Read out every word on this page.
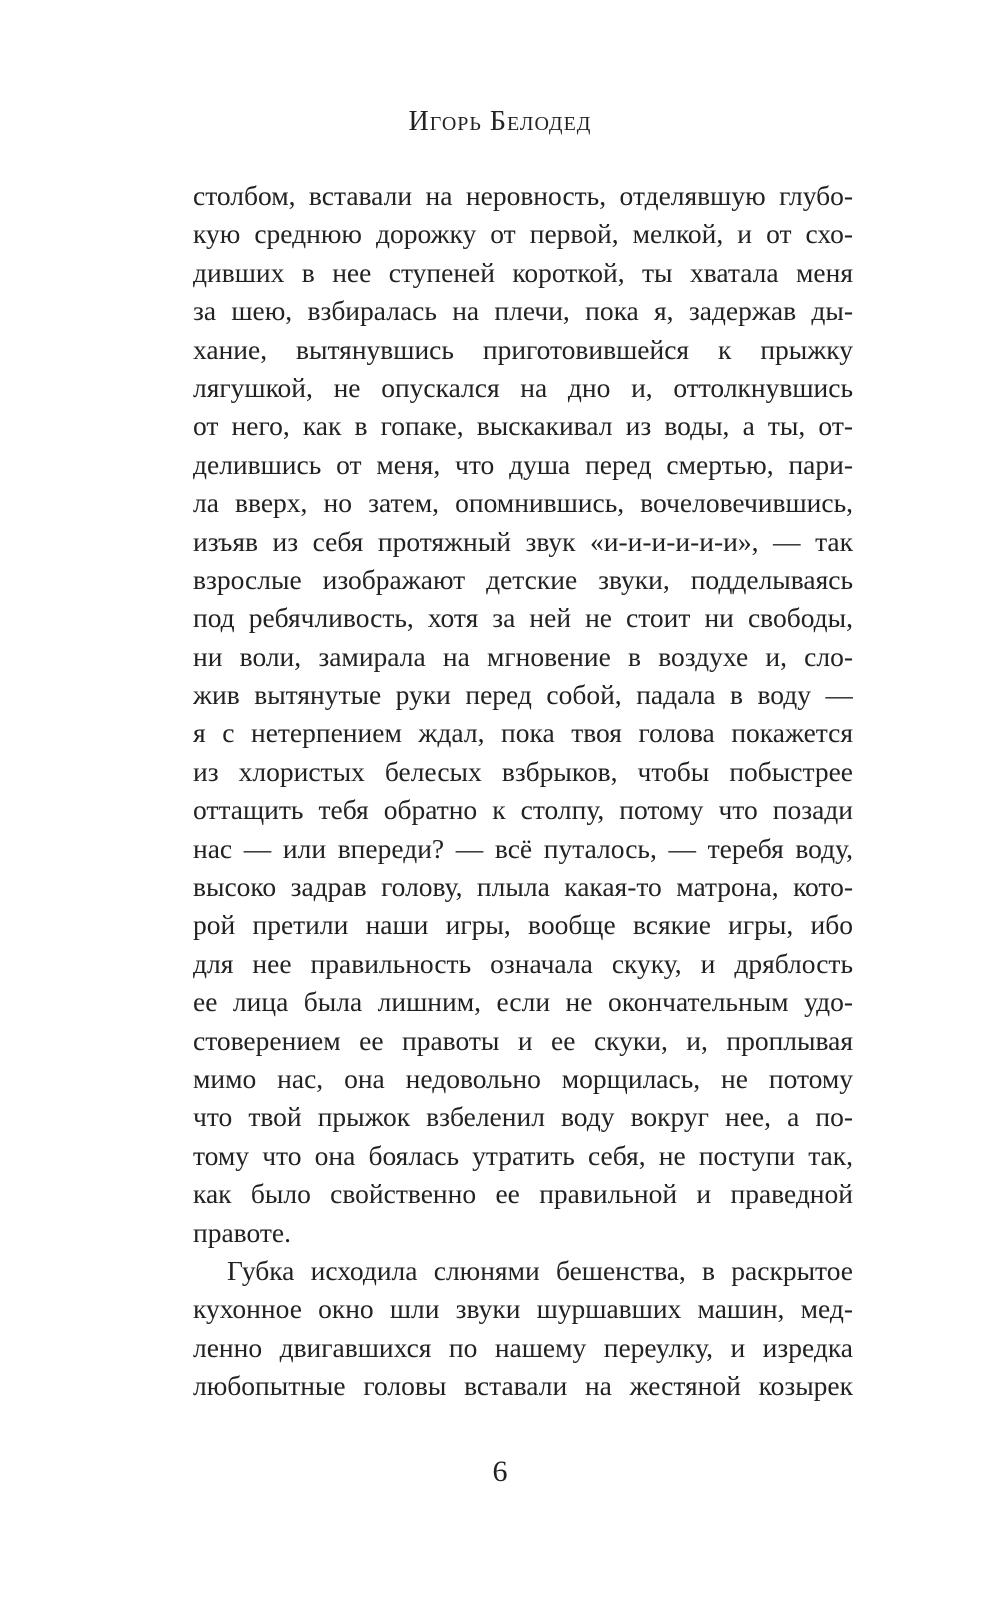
Игорь Белодед
столбом, вставали на неровность, отделявшую глубо-
кую среднюю дорожку от первой, мелкой, и от схо-
дивших в нее ступеней короткой, ты хватала меня
за шею, взбиралась на плечи, пока я, задержав ды-
хание, вытянувшись приготовившейся к прыжку
лягушкой, не опускался на дно и, оттолкнувшись
от него, как в гопаке, выскакивал из воды, а ты, от-
делившись от меня, что душа перед смертью, пари-
ла вверх, но затем, опомнившись, вочеловечившись,
изъяв из себя протяжный звук «и-и-и-и-и-и», — так
взрослые изображают детские звуки, подделываясь
под ребячливость, хотя за ней не стоит ни свободы,
ни воли, замирала на мгновение в воздухе и, сло-
жив вытянутые руки перед собой, падала в воду —
я с нетерпением ждал, пока твоя голова покажется
из хлористых белесых взбрыков, чтобы побыстрее
оттащить тебя обратно к столпу, потому что позади
нас — или впереди? — всё путалось, — теребя воду,
высоко задрав голову, плыла какая-то матрона, кото-
рой претили наши игры, вообще всякие игры, ибо
для нее правильность означала скуку, и дряблость
ее лица была лишним, если не окончательным удо-
стоверением ее правоты и ее скуки, и, проплывая
мимо нас, она недовольно морщилась, не потому
что твой прыжок взбеленил воду вокруг нее, а по-
тому что она боялась утратить себя, не поступи так,
как было свойственно ее правильной и праведной
правоте.
Губка исходила слюнями бешенства, в раскрытое
кухонное окно шли звуки шуршавших машин, мед-
ленно двигавшихся по нашему переулку, и изредка
любопытные головы вставали на жестяной козырек
6
